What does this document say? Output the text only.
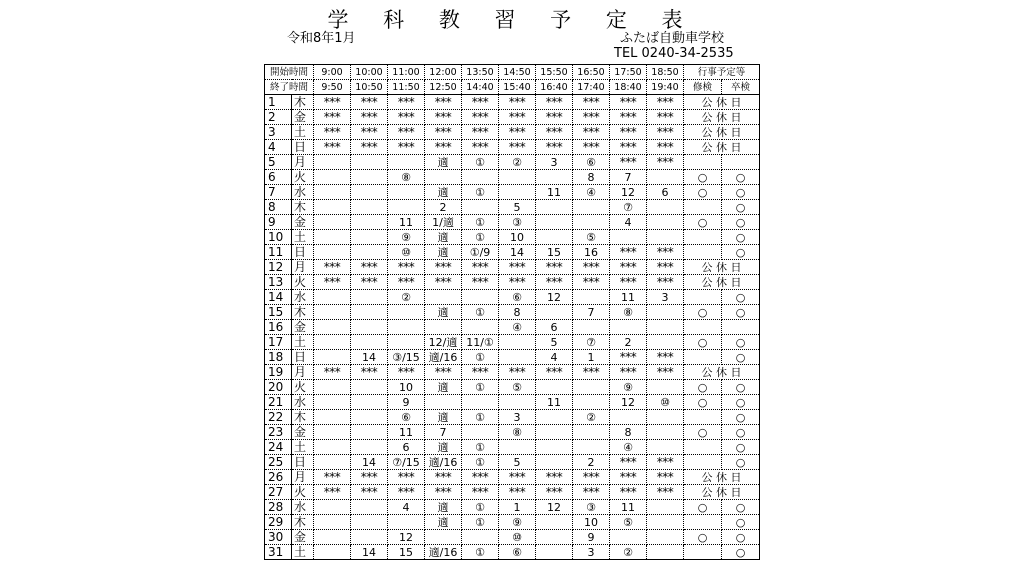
学 科 教 習 予 定 表
令和8年1月	ふたば自動車学校
TEL 0240-34-2535
開始時間		9:00	10:00	11:00	12:00	13:50	14:50	15:50	16:50	17:50	18:50	行事予定等	
終了時間		9:50	10:50	11:50	12:50	14:40	15:40	16:40	17:40	18:40	19:40	修検	卒検
1	木	***	***	***	***	***	***	***	***	***	***	公 休 日	
2	金	***	***	***	***	***	***	***	***	***	***	公 休 日	
3	土	***	***	***	***	***	***	***	***	***	***	公 休 日	
4	日	***	***	***	***	***	***	***	***	***	***	公 休 日	
5	月				適	①	②	3	⑥	***	***		
6	火			⑧					8	7		○	○
7	水				適	①		11	④	12	6	○	○
8	木				2		5			⑦			○
9	金			11	1/適	①	③			4		○	○
10	土			⑨	適	①	10		⑤				○
11	日			⑩	適	①/9	14	15	16	***	***		○
12	月	***	***	***	***	***	***	***	***	***	***	公 休 日	
13	火	***	***	***	***	***	***	***	***	***	***	公 休 日	
14	水			②			⑥	12		11	3		○
15	木				適	①	8		7	⑧		○	○
16	金						④	6					
17	土				12/適	11/①		5	⑦	2		○	○
18	日		14	③/15	適/16	①		4	1	***	***		○
19	月	***	***	***	***	***	***	***	***	***	***	公 休 日	
20	火			10	適	①	⑤			⑨		○	○
21	水			9				11		12	⑩	○	○
22	木			⑥	適	①	3		②				○
23	金			11	7		⑧			8		○	○
24	土			6	適	①				④			○
25	日		14	⑦/15	適/16	①	5		2	***	***		○
26	月	***	***	***	***	***	***	***	***	***	***	公 休 日	
27	火	***	***	***	***	***	***	***	***	***	***	公 休 日	
28	水			4	適	①	1	12	③	11		○	○
29	木				適	①	⑨		10	⑤			○
30	金			12			⑩		9			○	○
31	土		14	15	適/16	①	⑥		3	②			○
